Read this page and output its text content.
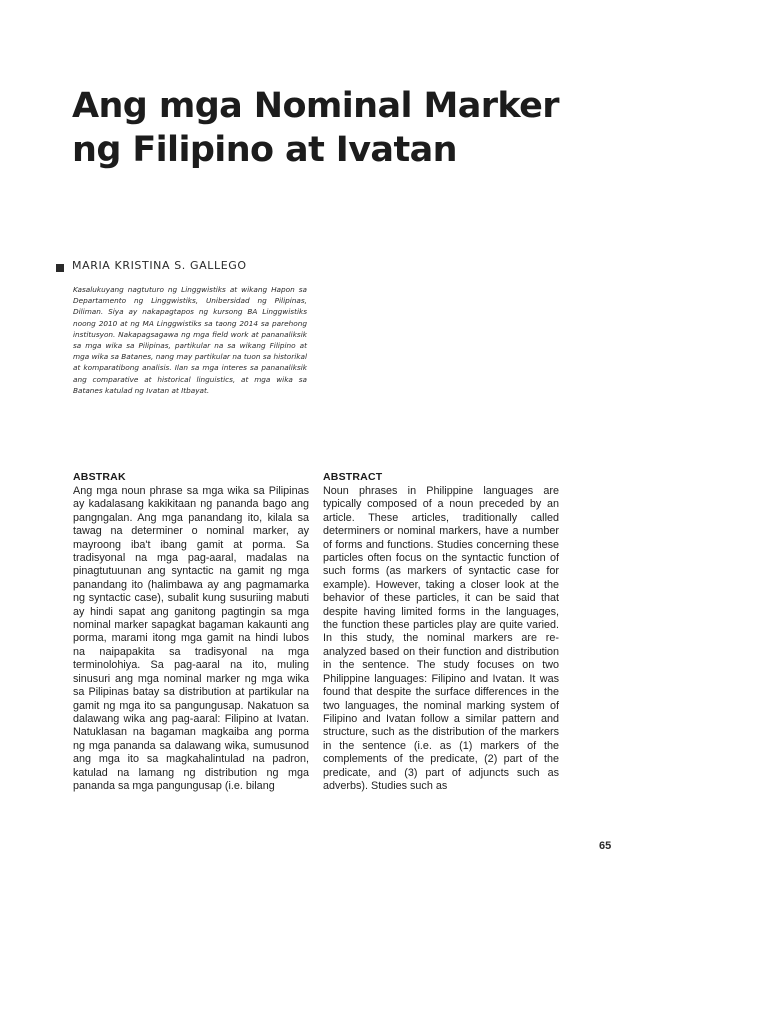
Ang mga Nominal Marker
ng Filipino at Ivatan
MARIA KRISTINA S. GALLEGO

Kasalukuyang nagtuturo ng Linggwistiks at wikang Hapon sa Departamento ng Linggwistiks, Unibersidad ng Pilipinas, Diliman. Siya ay nakapagtapos ng kursong BA Linggwistiks noong 2010 at ng MA Linggwistiks sa taong 2014 sa parehong institusyon. Nakapagsagawa ng mga field work at pananaliksik sa mga wika sa Pilipinas, partikular na sa wikang Filipino at mga wika sa Batanes, nang may partikular na tuon sa historikal at komparatibong analisis. Ilan sa mga interes sa pananaliksik ang comparative at historical linguistics, at mga wika sa Batanes katulad ng Ivatan at Itbayat.

ABSTRAK

Ang mga noun phrase sa mga wika sa Pilipinas ay kadalasang kakikitaan ng pananda bago ang pangngalan. Ang mga panandang ito, kilala sa tawag na determiner o nominal marker, ay mayroong iba't ibang gamit at porma. Sa tradisyonal na mga pag-aaral, madalas na pinagtutuunan ang syntactic na gamit ng mga panandang ito (halimbawa ay ang pagmamarka ng syntactic case), subalit kung susuriing mabuti ay hindi sapat ang ganitong pagtingin sa mga nominal marker sapagkat bagaman kakaunti ang porma, marami itong mga gamit na hindi lubos na naipapakita sa tradisyonal na mga terminolohiya. Sa pag-aaral na ito, muling sinusuri ang mga nominal marker ng mga wika sa Pilipinas batay sa distribution at partikular na gamit ng mga ito sa pangungusap. Nakatuon sa dalawang wika ang pag-aaral: Filipino at Ivatan. Natuklasan na bagaman magkaiba ang porma ng mga pananda sa dalawang wika, sumusunod ang mga ito sa magkahalintulad na padron, katulad na lamang ng distribution ng mga pananda sa mga pangungusap (i.e. bilang

ABSTRACT

Noun phrases in Philippine languages are typically composed of a noun preceded by an article. These articles, traditionally called determiners or nominal markers, have a number of forms and functions. Studies concerning these particles often focus on the syntactic function of such forms (as markers of syntactic case for example). However, taking a closer look at the behavior of these particles, it can be said that despite having limited forms in the languages, the function these particles play are quite varied. In this study, the nominal markers are re-analyzed based on their function and distribution in the sentence. The study focuses on two Philippine languages: Filipino and Ivatan. It was found that despite the surface differences in the two languages, the nominal marking system of Filipino and Ivatan follow a similar pattern and structure, such as the distribution of the markers in the sentence (i.e. as (1) markers of the complements of the predicate, (2) part of the predicate, and (3) part of adjuncts such as adverbs). Studies such as

65
